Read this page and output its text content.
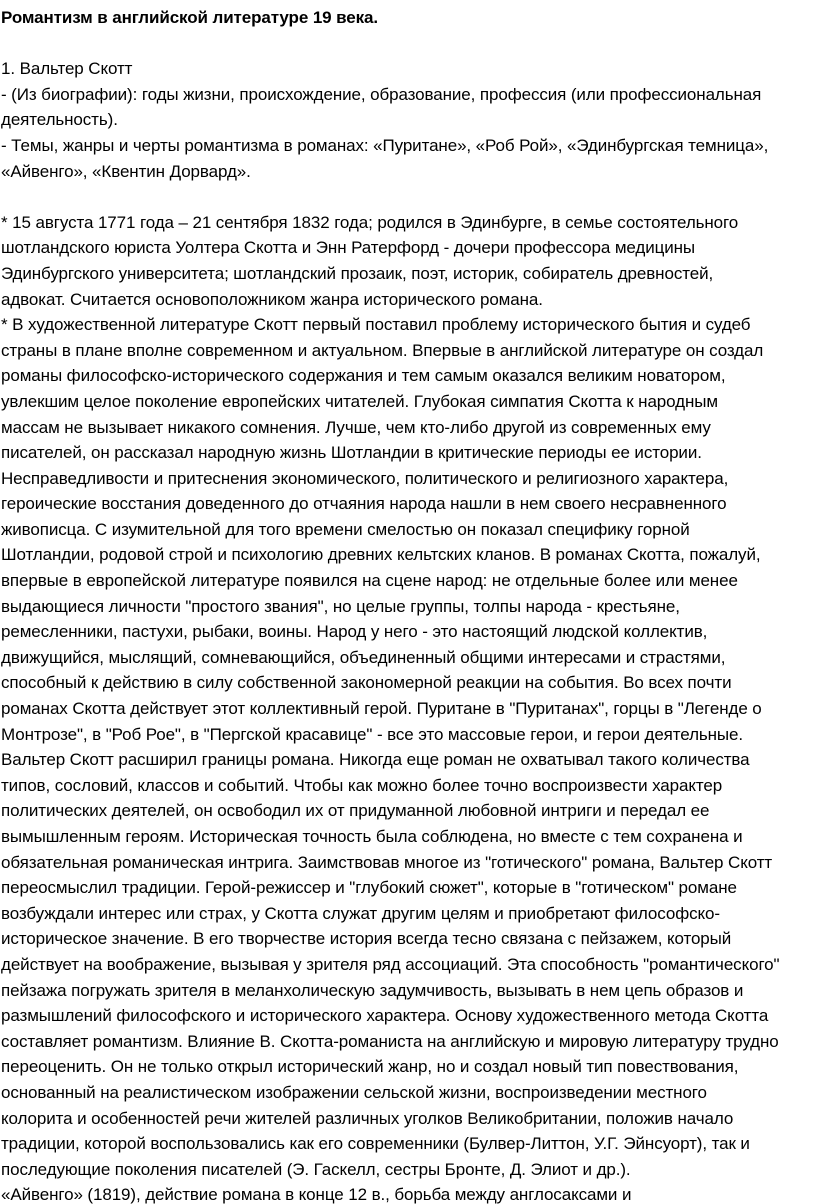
Романтизм в английской литературе 19 века.
1. Вальтер Скотт
- (Из биографии): годы жизни, происхождение, образование, профессия (или профессиональная
деятельность).
- Темы, жанры и черты романтизма в романах: «Пуритане», «Роб Рой», «Эдинбургская темница»,
«Айвенго», «Квентин Дорвард».
* 15 августа 1771 года – 21 сентября 1832 года; родился в Эдинбурге, в семье состоятельного
шотландского юриста Уолтера Скотта и Энн Ратерфорд - дочери профессора медицины
Эдинбургского университета; шотландский прозаик, поэт, историк, собиратель древностей,
адвокат. Считается основоположником жанра исторического романа.
* В художественной литературе Скотт первый поставил проблему исторического бытия и судеб
страны в плане вполне современном и актуальном. Впервые в английской литературе он создал
романы философско-исторического содержания и тем самым оказался великим новатором,
увлекшим целое поколение европейских читателей. Глубокая симпатия Скотта к народным
массам не вызывает никакого сомнения. Лучше, чем кто-либо другой из современных ему
писателей, он рассказал народную жизнь Шотландии в критические периоды ее истории.
Несправедливости и притеснения экономического, политического и религиозного характера,
героические восстания доведенного до отчаяния народа нашли в нем своего несравненного
живописца. С изумительной для того времени смелостью он показал специфику горной
Шотландии, родовой строй и психологию древних кельтских кланов. В романах Скотта, пожалуй,
впервые в европейской литературе появился на сцене народ: не отдельные более или менее
выдающиеся личности "простого звания", но целые группы, толпы народа - крестьяне,
ремесленники, пастухи, рыбаки, воины. Народ у него - это настоящий людской коллектив,
движущийся, мыслящий, сомневающийся, объединенный общими интересами и страстями,
способный к действию в силу собственной закономерной реакции на события. Во всех почти
романах Скотта действует этот коллективный герой. Пуритане в "Пуританах", горцы в "Легенде о
Монтрозе", в "Роб Рое", в "Пергской красавице" - все это массовые герои, и герои деятельные.
Вальтер Скотт расширил границы романа. Никогда еще роман не охватывал такого количества
типов, сословий, классов и событий. Чтобы как можно более точно воспроизвести характер
политических деятелей, он освободил их от придуманной любовной интриги и передал ее
вымышленным героям. Историческая точность была соблюдена, но вместе с тем сохранена и
обязательная романическая интрига. Заимствовав многое из "готического" романа, Вальтер Скотт
переосмыслил традиции. Герой-режиссер и "глубокий сюжет", которые в "готическом" романе
возбуждали интерес или страх, у Скотта служат другим целям и приобретают философско-
историческое значение. В его творчестве история всегда тесно связана с пейзажем, который
действует на воображение, вызывая у зрителя ряд ассоциаций. Эта способность "романтического"
пейзажа погружать зрителя в меланхолическую задумчивость, вызывать в нем цепь образов и
размышлений философского и исторического характера. Основу художественного метода Скотта
составляет романтизм. Влияние В. Скотта-романиста на английскую и мировую литературу трудно
переоценить. Он не только открыл исторический жанр, но и создал новый тип повествования,
основанный на реалистическом изображении сельской жизни, воспроизведении местного
колорита и особенностей речи жителей различных уголков Великобритании, положив начало
традиции, которой воспользовались как его современники (Булвер-Литтон, У.Г. Эйнсуорт), так и
последующие поколения писателей (Э. Гаскелл, сестры Бронте, Д. Элиот и др.).
«Айвенго» (1819), действие романа в конце 12 в., борьба между англосаксами и
